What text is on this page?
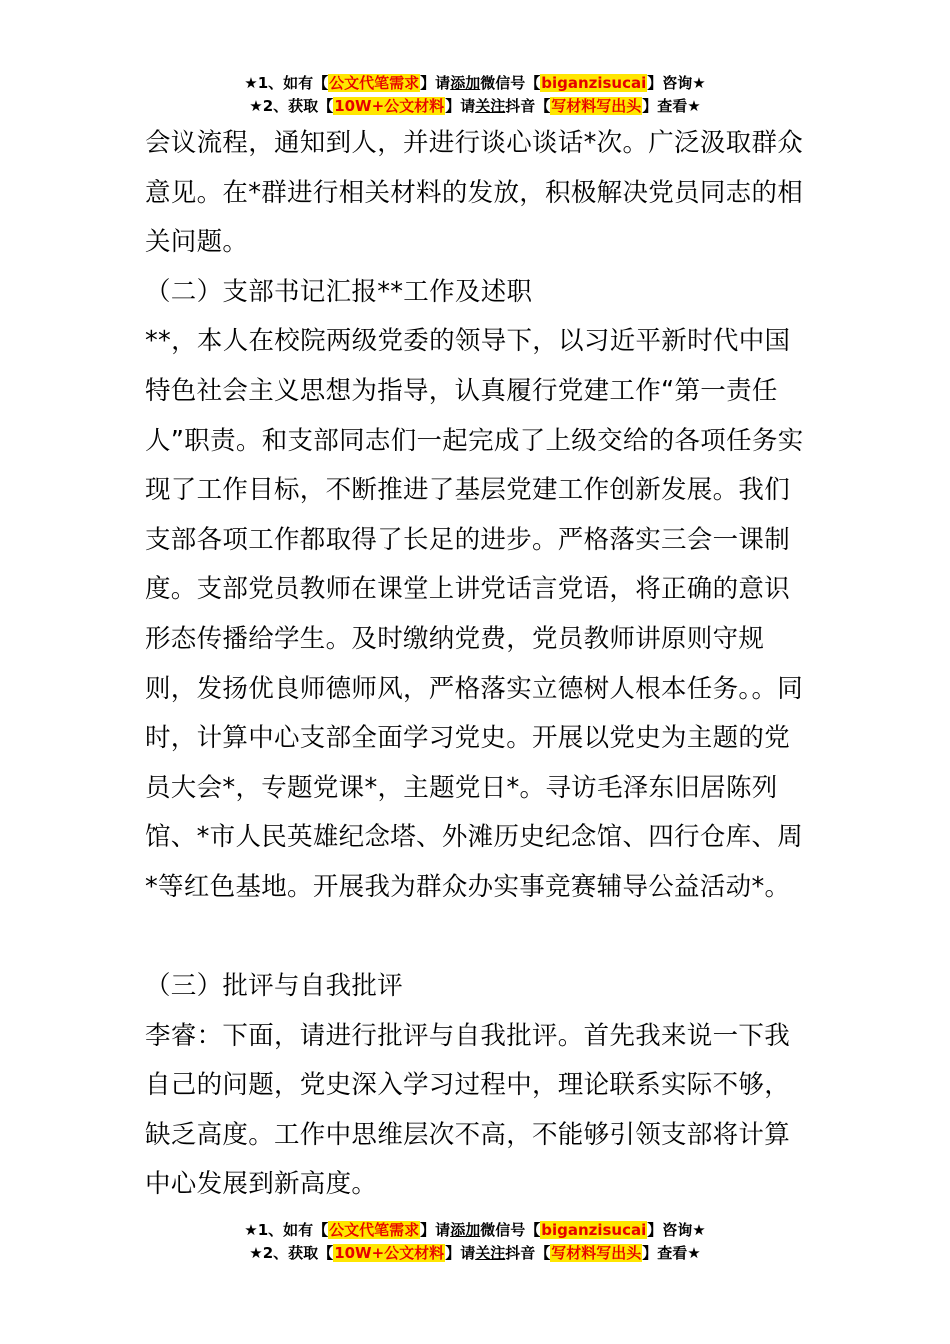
★1、如有【公文代笔需求】请添加微信号【biganzisucai】咨询★
★2、获取【10W+公文材料】请关注抖音【写材料写出头】查看★

会议流程，通知到人，并进行谈心谈话*次。广泛汲取群众意见。在*群进行相关材料的发放，积极解决党员同志的相关问题。

（二）支部书记汇报**工作及述职

**，本人在校院两级党委的领导下，以习近平新时代中国特色社会主义思想为指导，认真履行党建工作“第一责任人”职责。和支部同志们一起完成了上级交给的各项任务实现了工作目标，不断推进了基层党建工作创新发展。我们支部各项工作都取得了长足的进步。严格落实三会一课制度。支部党员教师在课堂上讲党话言党语，将正确的意识形态传播给学生。及时缴纳党费，党员教师讲原则守规则，发扬优良师德师风，严格落实立德树人根本任务。。同时，计算中心支部全面学习党史。开展以党史为主题的党员大会*，专题党课*，主题党日*。寻访毛泽东旧居陈列馆、*市人民英雄纪念塔、外滩历史纪念馆、四行仓库、周*等红色基地。开展我为群众办实事竞赛辅导公益活动*。

（三）批评与自我批评

李睿：下面，请进行批评与自我批评。首先我来说一下我自己的问题，党史深入学习过程中，理论联系实际不够，缺乏高度。工作中思维层次不高，不能够引领支部将计算中心发展到新高度。

★1、如有【公文代笔需求】请添加微信号【biganzisucai】咨询★
★2、获取【10W+公文材料】请关注抖音【写材料写出头】查看★
